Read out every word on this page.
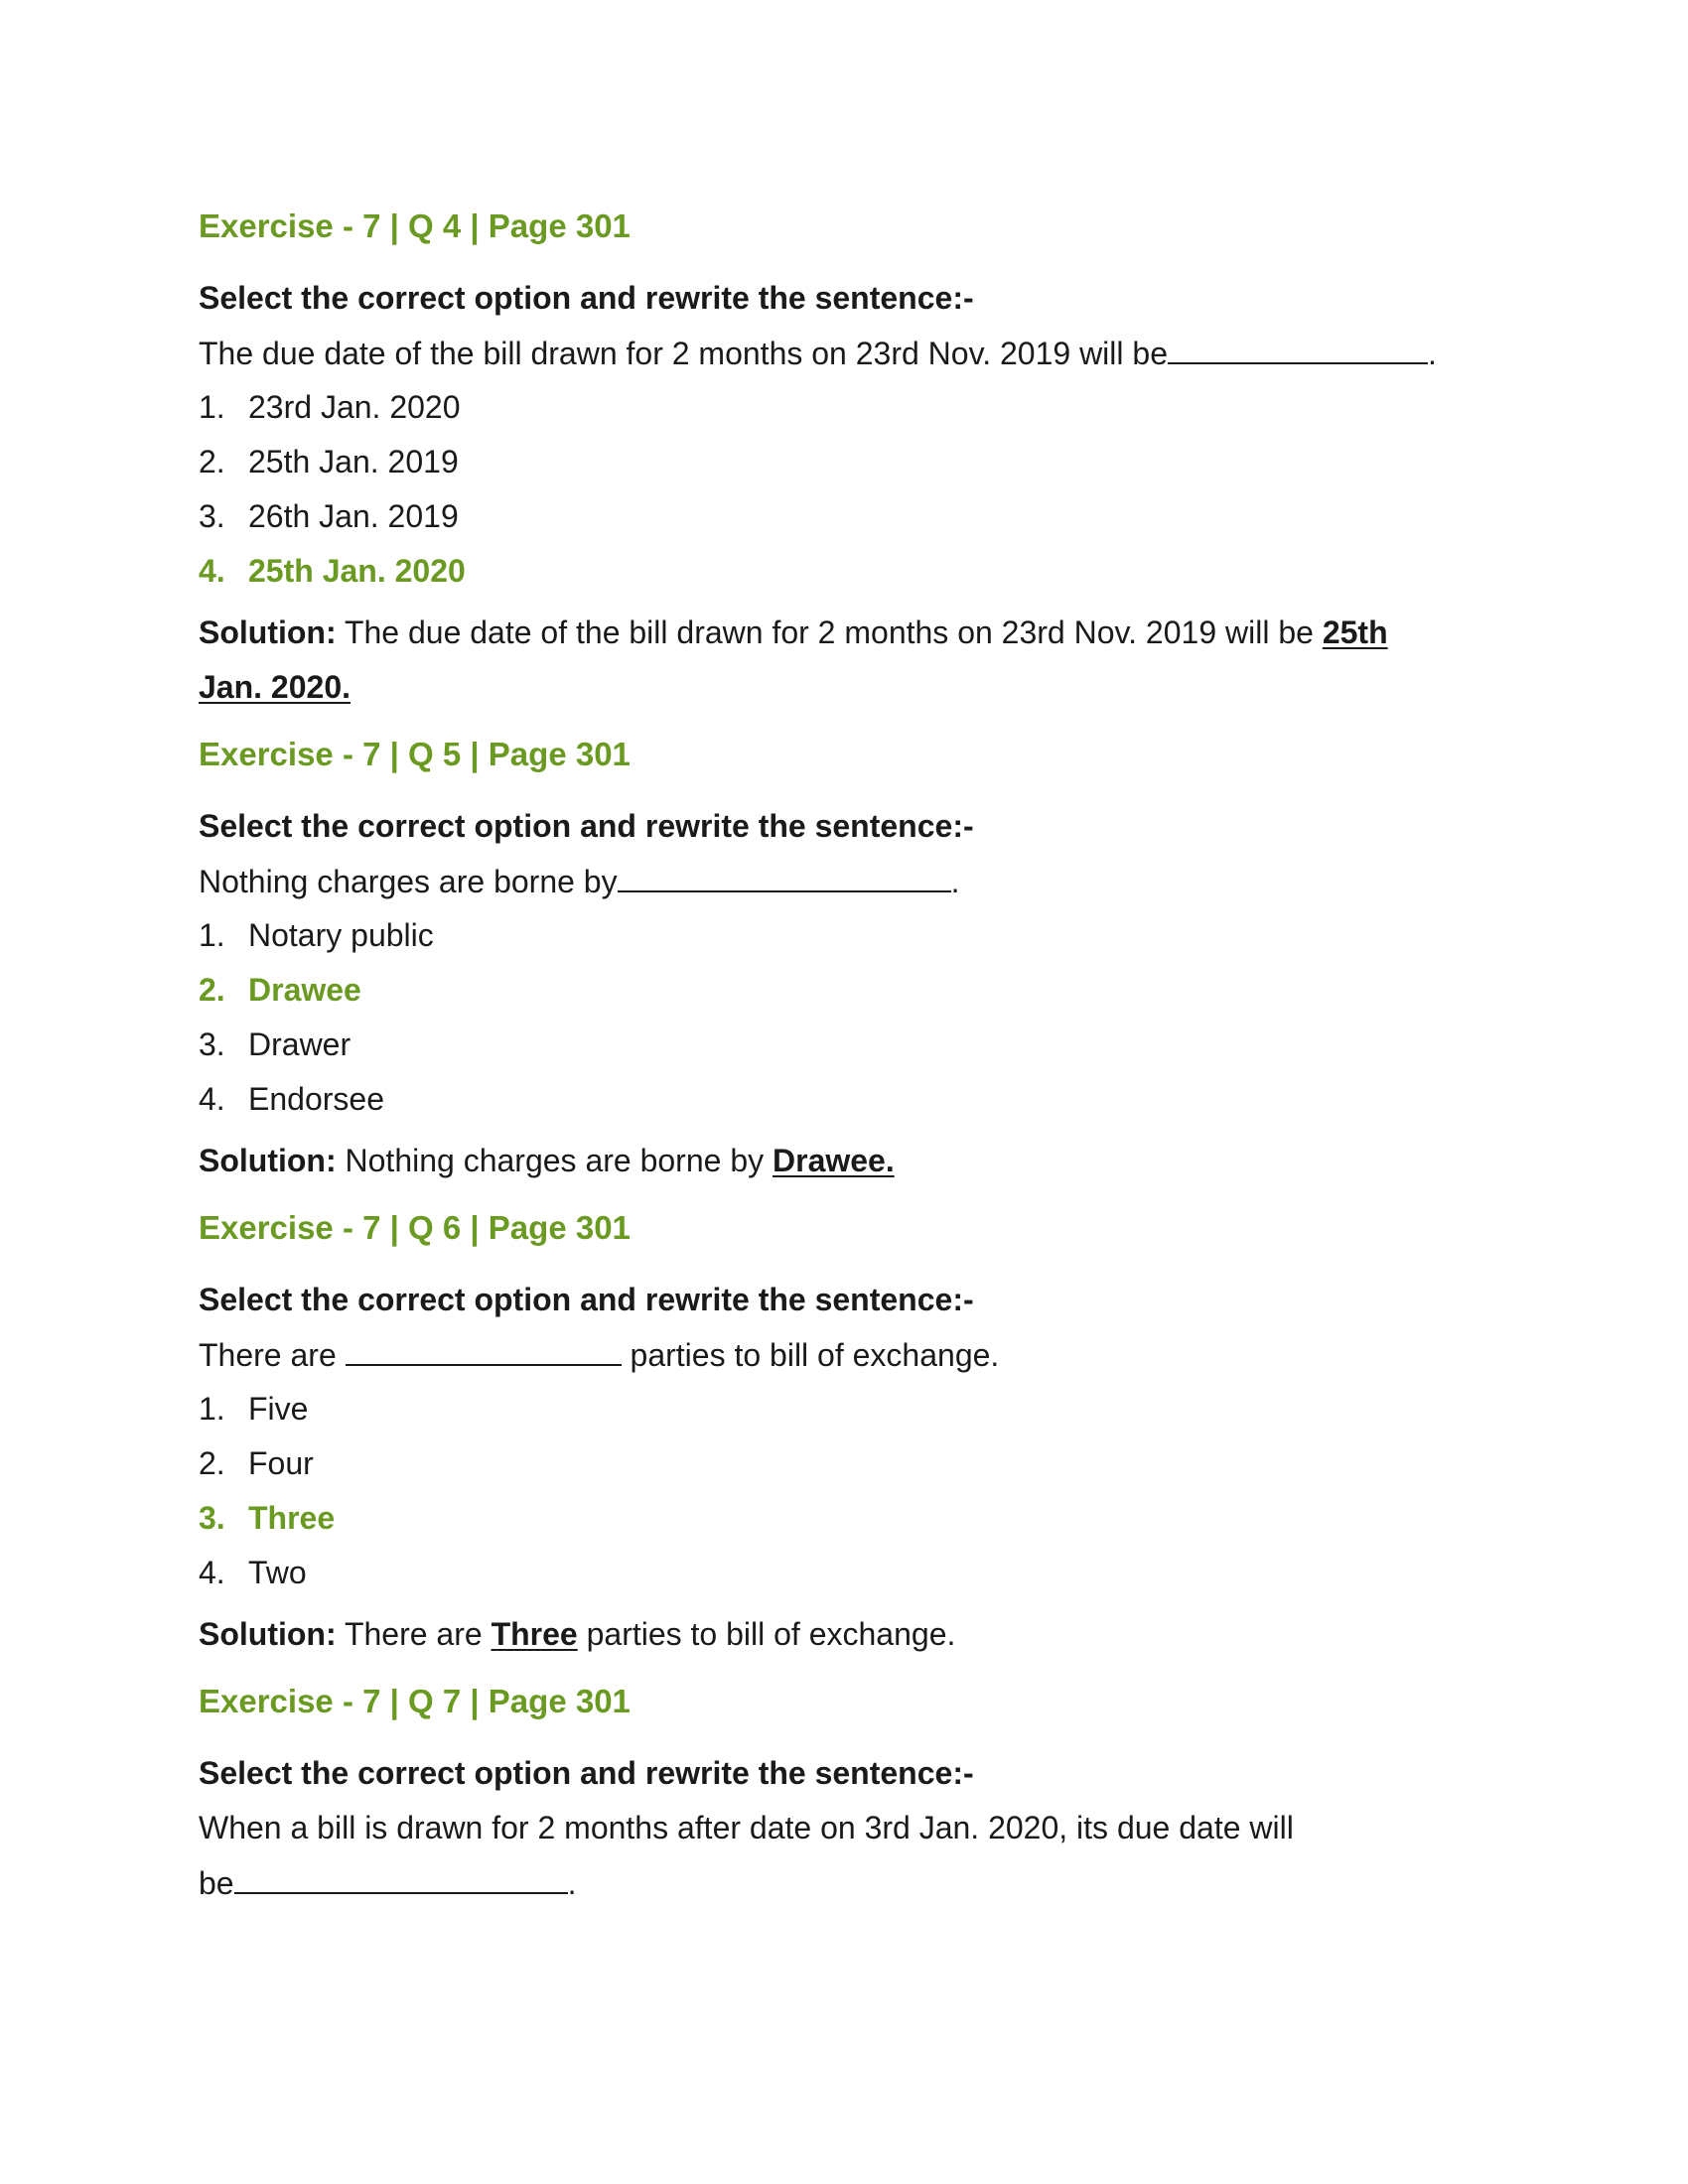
Exercise - 7 | Q 4 | Page 301
Select the correct option and rewrite the sentence:-
The due date of the bill drawn for 2 months on 23rd Nov. 2019 will be	.
1. 23rd Jan. 2020
2. 25th Jan. 2019
3. 26th Jan. 2019
4. 25th Jan. 2020
Solution: The due date of the bill drawn for 2 months on 23rd Nov. 2019 will be 25th Jan. 2020.
Exercise - 7 | Q 5 | Page 301
Select the correct option and rewrite the sentence:-
Nothing charges are borne by	.
1. Notary public
2. Drawee
3. Drawer
4. Endorsee
Solution: Nothing charges are borne by Drawee.
Exercise - 7 | Q 6 | Page 301
Select the correct option and rewrite the sentence:-
There are	parties to bill of exchange.
1. Five
2. Four
3. Three
4. Two
Solution: There are Three parties to bill of exchange.
Exercise - 7 | Q 7 | Page 301
Select the correct option and rewrite the sentence:-
When a bill is drawn for 2 months after date on 3rd Jan. 2020, its due date will
be	.
